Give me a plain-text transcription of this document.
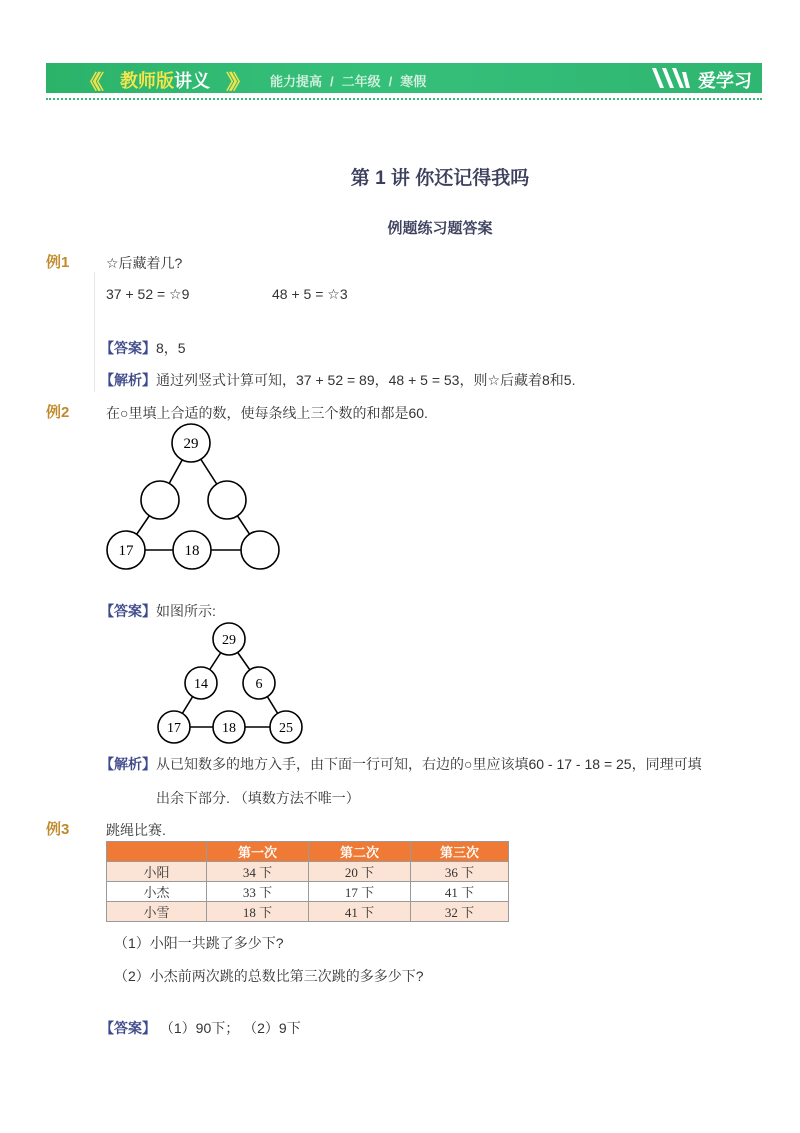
《《 教师版讲义 》》 能力提高 / 二年级 / 寒假	爱学习
第 1 讲 你还记得我吗
例题练习题答案
例1	☆后藏着几?
37 + 52 = ☆9	48 + 5 = ☆3
【答案】8，5
【解析】通过列竖式计算可知，37 + 52 = 89，48 + 5 = 53，则☆后藏着8和5.
例2	在○里填上合适的数，使每条线上三个数的和都是60.
29
17	18
【答案】如图所示:
29
14	6
17	18	25
【解析】从已知数多的地方入手，由下面一行可知，右边的○里应该填60 - 17 - 18 = 25，同理可填
出余下部分. （填数方法不唯一）
例3	跳绳比赛.
	第一次	第二次	第三次
小阳	34 下	20 下	36 下
小杰	33 下	17 下	41 下
小雪	18 下	41 下	32 下
（1）小阳一共跳了多少下?
（2）小杰前两次跳的总数比第三次跳的多多少下?
【答案】 （1）90下； （2）9下
